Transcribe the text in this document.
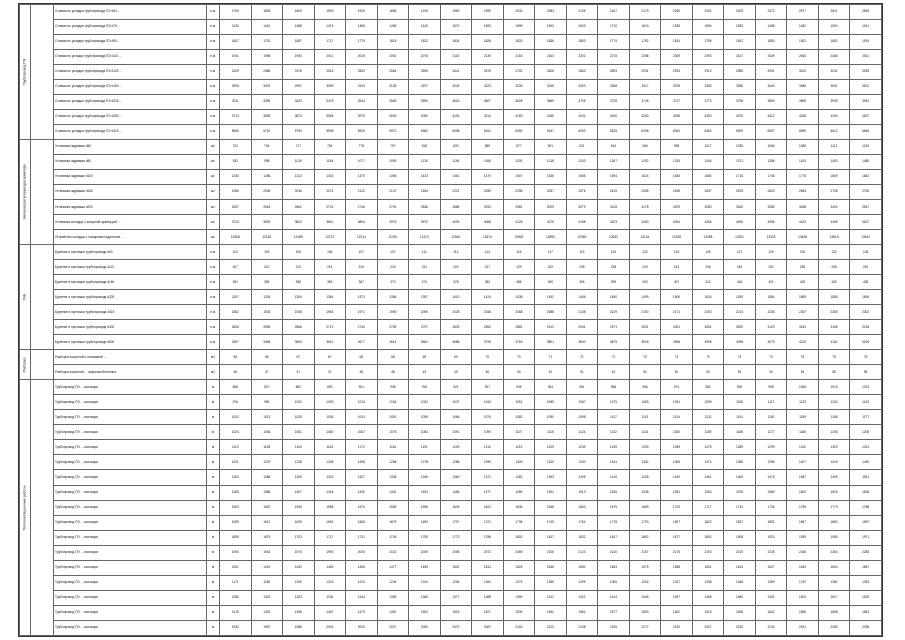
Трубопровод ПЭ		Стоимость укладки трубопровода ПЭ d63 ...	п.м.	1754	1828	1804	1909	1926	1866	1919	1953	1999	2032	2083	2105	2167	2179	2250	2331	2403	2472	2577	2611	2655
		Стоимость укладки трубопровода ПЭ d75 ...	п.м.	1426	1461	1488	1474	1486	1496	1510	1570	1593	1599	1602	1603	1710	1619	1535	1554	1533	1488	1482	1502	1511
		Стоимость укладки трубопровода ПЭ d90 ...	п.м.	1607	1702	1687	1717	1775	1818	1822	1834	1828	1833	1836	1853	1774	1782	1824	1795	1812	1883	1902	1892	1919
		Стоимость укладки трубопровода ПЭ d110 ...	п.м.	1941	1998	1993	2011	2019	2051	2078	2115	2139	2163	2164	2202	2278	2288	2309	2393	2417	2439	2464	2485	2511
		Стоимость укладки трубопровода ПЭ d125 ...	п.м.	2429	2486	2476	2515	2552	2564	2595	2641	2675	2702	2828	2863	2893	2931	2933	2912	2955	2991	3012	3031	3053
		Стоимость укладки трубопровода ПЭ d160 ...	п.м.	2906	3002	2991	3099	3103	3128	3197	3224	3223	3233	3248	3253	3358	3317	3378	3383	3396	3440	3486	3501	3521
		Стоимость укладки трубопровода ПЭ d225 ...	п.м.	3011	3395	3420	3478	3544	3565	3590	3616	3607	3628	3669	3705	3728	3745	3747	3770	3796	3859	3899	3935	3991
		Стоимость укладки трубопровода ПЭ d280 ...	п.м.	3713	3835	3874	3948	3975	4009	4050	4106	4114	4153	4186	4204	4240	4263	4298	4300	4376	4412	4438	4490	4537
		Стоимость укладки трубопровода ПЭ d315 ...	п.м.	5659	5742	5793	5906	5926	5972	5982	6098	6151	6250	6247	6263	6328	6348	6394	6462	6529	6557	6595	6612	6646

Запорная регулирующая арматура		Установка задвижки d50	шт.	702	704	717	754	778	797	815	833	859	877	901	921	944	966	998	1017	1038	1066	1089	1112	1135
		Установка задвижки d80	шт.	932	998	1019	1044	1077	1099	1126	1145	1168	1193	1218	1243	1267	1292	1319	1344	1371	1398	1424	1453	1480
		Установка задвижки d100	шт.	1253	1286	1312	1342	1370	1396	1423	1451	1479	1507	1536	1565	1594	1624	1653	1684	1716	1746	1778	1809	1842
		Установка задвижки d150	шт.	1965	2008	2036	2074	2112	2147	2184	2221	2259	2298	2337	2376	2415	2455	2496	2537	2578	2620	2663	2706	2750
		Установка задвижки d200	шт.	2547	2618	2662	2701	2746	2792	2838	2886	2933	2981	3029	3079	3128	3178	3229	3280	3332	3385	3438	3492	3547
		Установка колодца с запорной арматурой ...	шт.	3723	3829	3824	3841	3894	3976	3972	4009	4068	4128	4175	4158	4223	4260	4344	4406	4499	4396	4424	4499	4527
		Устройство колодца с пожарным гидрантом ...	шт.	10308	12145	12189	12272	12314	12351	12473	12561	12674	12800	12893	12950	13052	13104	13198	13268	13291	13333	13408	13518	13612

ГНБ		Бурение и протяжка трубопровода d63	п.м.	102	103	105	106	107	107	111	113	114	116	117	119	120	122	124	126	127	129	130	132	134
		Бурение и протяжка трубопровода d110	п.м.	207	210	212	214	216	218	221	224	227	229	232	235	238	240	243	246	249	252	255	258	261
		Бурение и протяжка трубопровода d160	п.м.	351	355	358	363	367	370	374	378	382	386	390	394	399	403	407	412	416	421	425	430	435
		Бурение и протяжка трубопровода d225	п.м.	1307	1334	1354	1364	1373	1384	1397	1410	1424	1438	1452	1466	1480	1495	1509	1524	1539	1554	1569	1585	1600
		Бурение и протяжка трубопровода d315	п.м.	1862	1925	1938	1954	1971	1990	2009	2028	2048	2068	2088	2108	2129	2150	2171	2192	2214	2235	2257	2280	2302
		Бурение и протяжка трубопровода d400	п.м.	2608	2655	2686	2712	2740	2769	2797	2825	2854	2882	2912	2941	2971	3001	3031	3061	3092	3123	3154	3186	3218
		Бурение и протяжка трубопровода d500	п.м.	3397	3465	3505	3541	3577	3614	3651	3688	3725	3763	3801	3840	3879	3918	3958	3998	4038	4079	4120	4162	4204

Разборка		Разборка покрытий и оснований ...	м2	65	66	67	67	68	68	69	69	70	70	71	71	72	72	73	73	74	74	75	75	76
		Разборка покрытий ... асфальтобетонных	м2	46	47	47	47	48	48	49	49	50	50	51	51	51	52	52	53	53	54	54	55	55

Теплоизоляционные работы		Трубопровод ПЭ ... изоляция	м	856	870	882	893	901	908	915	921	927	935	943	951	958	966	974	982	990	998	1006	1015	1023
		Трубопровод ПЭ ... изоляция	м	976	989	1002	1009	1015	1024	1031	1037	1043	1051	1059	1067	1075	1083	1091	1099	1108	1117	1125	1134	1143
		Трубопровод ПЭ ... изоляция	м	1002	1013	1028	1036	1043	1051	1059	1066	1074	1082	1090	1098	1107	1115	1124	1132	1141	1150	1159	1168	1177
		Трубопровод ПЭ ... изоляция	м	1024	1036	1051	1060	1067	1075	1083	1091	1099	1107	1115	1124	1132	1141	1150	1159	1168	1177	1186	1195	1205
		Трубопровод ПЭ ... изоляция	м	1113	1135	1154	1163	1172	1181	1191	1200	1210	1219	1229	1239	1249	1259	1269	1279	1289	1299	1310	1320	1331
		Трубопровод ПЭ ... изоляция	м	1201	1219	1238	1248	1258	1268	1278	1288	1299	1309	1320	1330	1341	1352	1363	1374	1385	1396	1407	1418	1430
		Трубопровод ПЭ ... изоляция	м	1263	1286	1305	1316	1327	1338	1349	1360	1371	1382	1393	1405	1416	1428	1440	1451	1463	1475	1487	1499	1511
		Трубопровод ПЭ ... изоляция	м	1365	1386	1407	1418	1430	1441	1453	1465	1477	1489	1501	1513	1526	1538	1551	1563	1576	1589	1602	1615	1628
		Трубопровод ПЭ ... изоляция	м	1503	1520	1545	1558	1570	1583	1596	1609	1622	1635	1648	1662	1675	1689	1703	1717	1731	1745	1759	1773	1788
		Трубопровод ПЭ ... изоляция	м	1595	1612	1639	1652	1666	1679	1693	1707	1721	1735	1749	1764	1778	1793	1807	1822	1837	1852	1867	1882	1897
		Трубопровод ПЭ ... изоляция	м	1659	1675	1703	1717	1731	1745	1759	1773	1788	1802	1817	1832	1847	1862	1877	1892	1908	1923	1939	1955	1971
		Трубопровод ПЭ ... изоляция	м	1905	1943	1974	1990	2006	2022	2039	2055	2072	2089	2106	2123	2140	2157	2175	2192	2210	2228	2246	2264	2283
		Трубопровод ПЭ ... изоляция	м	1401	1419	1442	1453	1465	1477	1489	1501	1513	1525	1538	1550	1563	1575	1588	1601	1614	1627	1640	1654	1667
		Трубопровод ПЭ ... изоляция	м	1171	1186	1205	1215	1224	1234	1244	1254	1264	1275	1285	1295	1306	1316	1327	1338	1348	1359	1370	1381	1393
		Трубопровод ПЭ ... изоляция	м	1286	1302	1323	1334	1344	1355	1366	1377	1388	1399	1411	1422	1434	1445	1457	1469	1480	1492	1504	1517	1529
		Трубопровод ПЭ ... изоляция	м	1415	1432	1455	1467	1479	1491	1503	1515	1527	1539	1552	1564	1577	1590	1602	1615	1628	1641	1655	1668	1681
		Трубопровод ПЭ ... изоляция	м	1932	1957	1988	2004	2020	2037	2053	2070	2087	2103	2120	2138	2155	2172	2190	2207	2225	2243	2261	2280	2298
